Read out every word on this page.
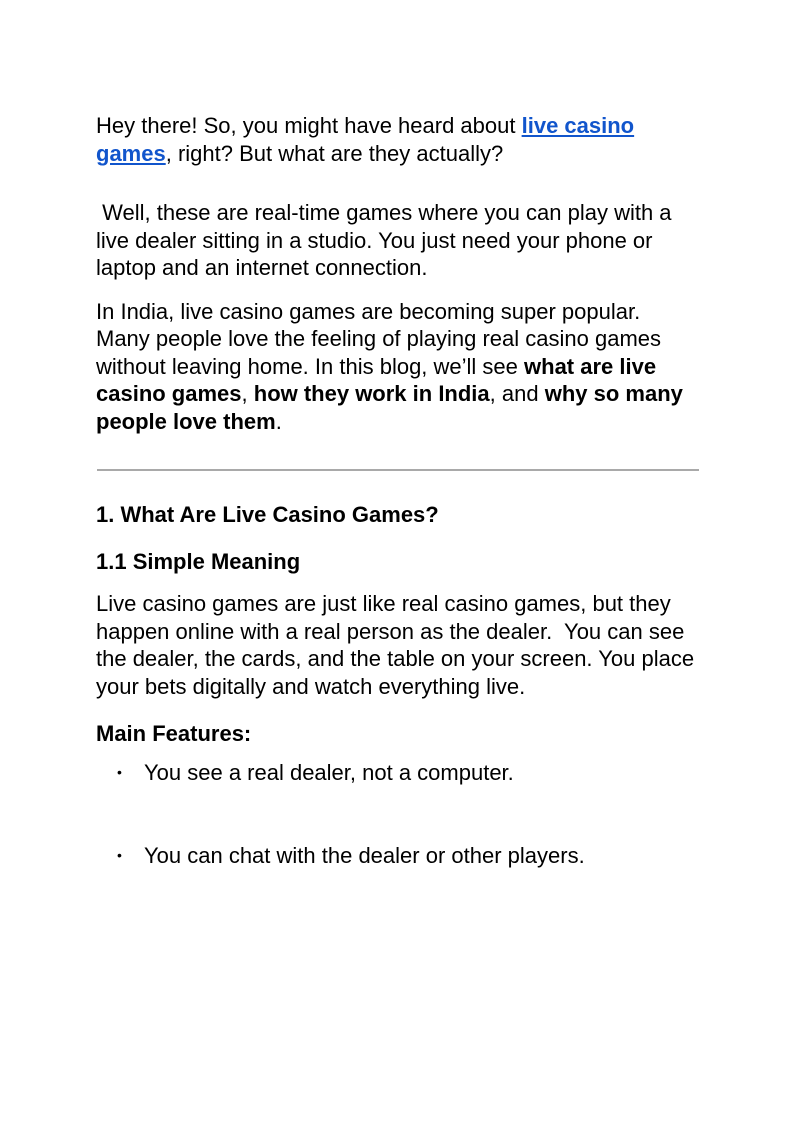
Hey there! So, you might have heard about live casino games, right? But what are they actually?

Well, these are real-time games where you can play with a live dealer sitting in a studio. You just need your phone or laptop and an internet connection.

In India, live casino games are becoming super popular. Many people love the feeling of playing real casino games without leaving home. In this blog, we’ll see what are live casino games, how they work in India, and why so many people love them.

1. What Are Live Casino Games?
1.1 Simple Meaning

Live casino games are just like real casino games, but they happen online with a real person as the dealer.  You can see the dealer, the cards, and the table on your screen. You place your bets digitally and watch everything live.

Main Features:
• You see a real dealer, not a computer.
• You can chat with the dealer or other players.
